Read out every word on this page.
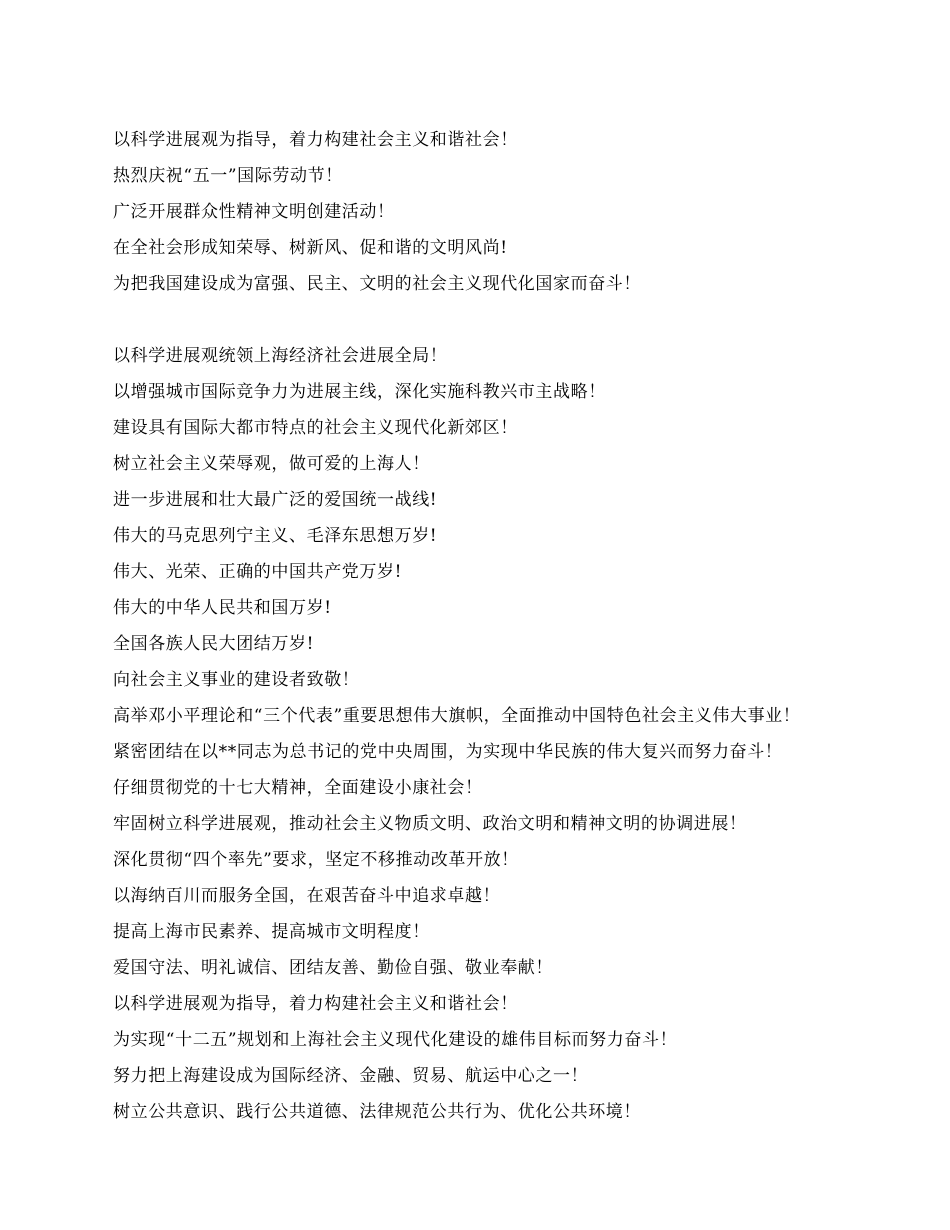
以科学进展观为指导，着力构建社会主义和谐社会！
热烈庆祝“五一”国际劳动节！
广泛开展群众性精神文明创建活动！
在全社会形成知荣辱、树新风、促和谐的文明风尚!
为把我国建设成为富强、民主、文明的社会主义现代化国家而奋斗！
以科学进展观统领上海经济社会进展全局！
以增强城市国际竞争力为进展主线，深化实施科教兴市主战略！
建设具有国际大都市特点的社会主义现代化新郊区！
树立社会主义荣辱观，做可爱的上海人！
进一步进展和壮大最广泛的爱国统一战线!
伟大的马克思列宁主义、毛泽东思想万岁!
伟大、光荣、正确的中国共产党万岁!
伟大的中华人民共和国万岁!
全国各族人民大团结万岁!
向社会主义事业的建设者致敬！
高举邓小平理论和“三个代表”重要思想伟大旗帜，全面推动中国特色社会主义伟大事业！
紧密团结在以**同志为总书记的党中央周围，为实现中华民族的伟大复兴而努力奋斗！
仔细贯彻党的十七大精神，全面建设小康社会！
牢固树立科学进展观，推动社会主义物质文明、政治文明和精神文明的协调进展！
深化贯彻“四个率先”要求，坚定不移推动改革开放！
以海纳百川而服务全国，在艰苦奋斗中追求卓越！
提高上海市民素养、提高城市文明程度！
爱国守法、明礼诚信、团结友善、勤俭自强、敬业奉献！
以科学进展观为指导，着力构建社会主义和谐社会！
为实现“十二五”规划和上海社会主义现代化建设的雄伟目标而努力奋斗！
努力把上海建设成为国际经济、金融、贸易、航运中心之一！
树立公共意识、践行公共道德、法律规范公共行为、优化公共环境！
